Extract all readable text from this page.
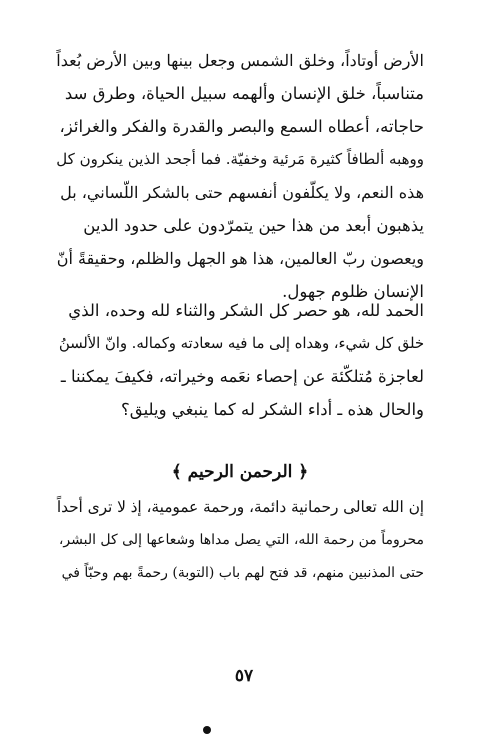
الأرض أوتاداً، وخلق الشمس وجعل بينها وبين الأرض بُعداً
متناسباً، خلق الإنسان وألهمه سبيل الحياة، وطرق سد
حاجاته، أعطاه السمع والبصر والقدرة والفكر والغرائز،
ووهبه ألطافاً كثيرة مَرئية وخفيّة. فما أجحد الذين ينكرون كل
هذه النعم، ولا يكلّفون أنفسهم حتى بالشكر اللّساني، بل
يذهبون أبعد من هذا حين يتمرّدون على حدود الدين
ويعصون ربّ العالمين، هذا هو الجهل والظلم، وحقيقةً أنّ
الإنسان ظلوم جهول.
الحمد لله، هو حصر كل الشكر والثناء لله وحده، الذي
خلق كل شيء، وهداه إلى ما فيه سعادته وكماله. وانّ الألسنُ
لعاجزة مُتلكّئة عن إحصاء نعَمه وخيراته، فكيفَ يمكننا ـ
والحال هذه ـ أداء الشكر له كما ينبغي ويليق؟
﴿ الرحمن الرحيم ﴾
إن الله تعالى رحمانية دائمة، ورحمة عمومية، إذ لا ترى أحداً
محروماً من رحمة الله، التي يصل مداها وشعاعها إلى كل البشر،
حتى المذنبين منهم، قد فتح لهم باب (التوبة) رحمةً بهم وحبّاً في
٥٧
